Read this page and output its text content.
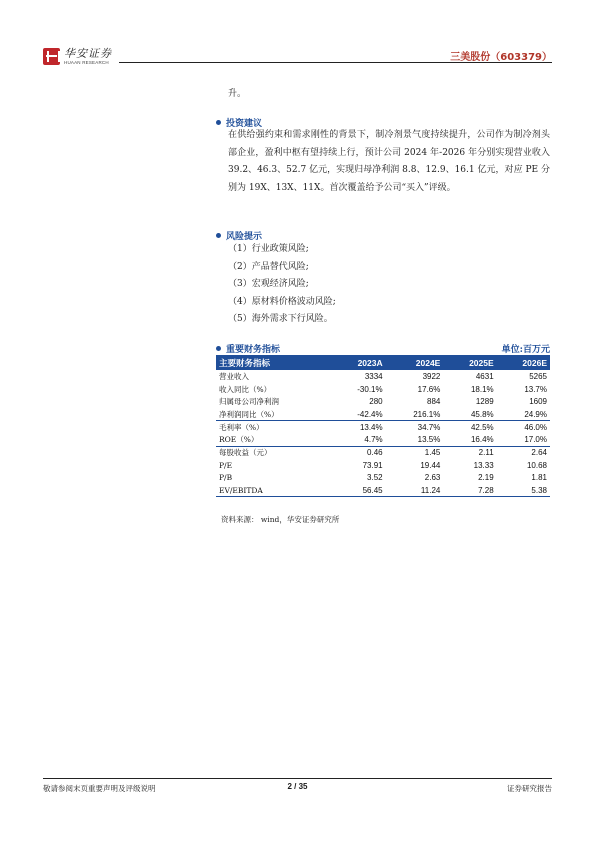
华安证券
HUAAN RESEARCH	三美股份（603379）
升。
投资建议
在供给强约束和需求刚性的背景下，制冷剂景气度持续提升，公司作为制冷剂头部企业，盈利中枢有望持续上行，预计公司 2024 年-2026 年分别实现营业收入 39.2、46.3、52.7 亿元，实现归母净利润 8.8、12.9、16.1 亿元，对应 PE 分别为 19X、13X、11X。首次覆盖给予公司“买入”评级。
风险提示
（1）行业政策风险;
（2）产品替代风险;
（3）宏观经济风险;
（4）原材料价格波动风险;
（5）海外需求下行风险。
重要财务指标	单位:百万元
主要财务指标	2023A	2024E	2025E	2026E
营业收入	3334	3922	4631	5265
收入同比（%）	-30.1%	17.6%	18.1%	13.7%
归属母公司净利润	280	884	1289	1609
净利润同比（%）	-42.4%	216.1%	45.8%	24.9%
毛利率（%）	13.4%	34.7%	42.5%	46.0%
ROE（%）	4.7%	13.5%	16.4%	17.0%
每股收益（元）	0.46	1.45	2.11	2.64
P/E	73.91	19.44	13.33	10.68
P/B	3.52	2.63	2.19	1.81
EV/EBITDA	56.45	11.24	7.28	5.38
资料来源： wind，华安证券研究所
敬请参阅末页重要声明及评级说明	2 / 35	证券研究报告
